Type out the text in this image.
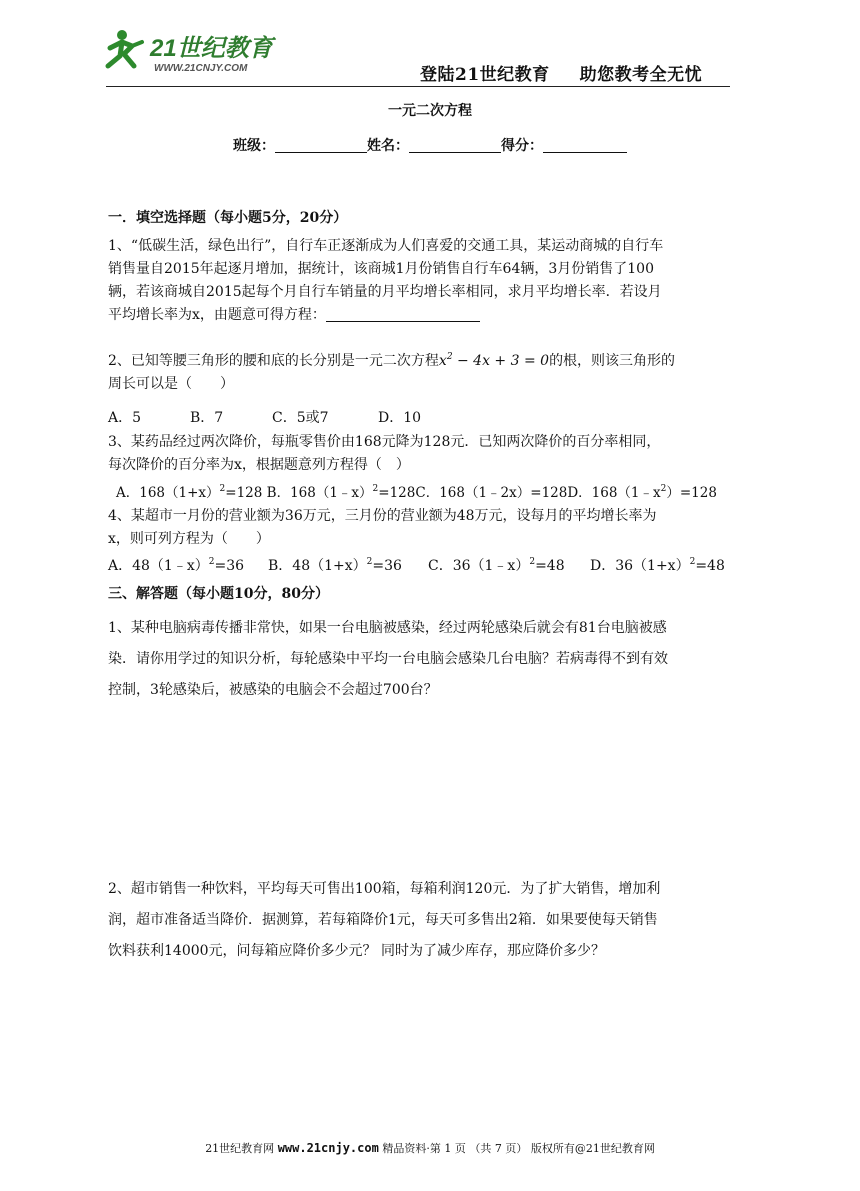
21世纪教育
WWW.21CNJY.COM	登陆21世纪教育 助您教考全无忧
一元二次方程
班级：	姓名：	得分：
一．填空选择题（每小题5分，20分）
1、“低碳生活，绿色出行”，自行车正逐渐成为人们喜爱的交通工具，某运动商城的自行车
销售量自2015年起逐月增加，据统计，该商城1月份销售自行车64辆，3月份销售了100
辆，若该商城自2015起每个月自行车销量的月平均增长率相同，求月平均增长率．若设月
平均增长率为x，由题意可得方程：
2、已知等腰三角形的腰和底的长分别是一元二次方程$x^2 - 4x + 3 = 0$的根，则该三角形的
周长可以是（　　）
A．5	B．7	C．5或7	D．10
3、某药品经过两次降价，每瓶零售价由168元降为128元．已知两次降价的百分率相同，
每次降价的百分率为x，根据题意列方程得（　）
A．$168(1+x)^2=128$ B．168（1﹣x）$^2$=128C．168（1﹣2x）=128D．$168(1﹣x^2)=128$
4、某超市一月份的营业额为36万元，三月份的营业额为48万元，设每月的平均增长率为
x，则可列方程为（　　）
A．48（1﹣x）$^2$=36 B．$48(1+x)^2=36$ C．36（1﹣x）$^2$=48 D．$36(1+x)^2=48$
三、解答题（每小题10分，80分）
1、某种电脑病毒传播非常快，如果一台电脑被感染，经过两轮感染后就会有81台电脑被感
染．请你用学过的知识分析，每轮感染中平均一台电脑会感染几台电脑？若病毒得不到有效
控制，3轮感染后，被感染的电脑会不会超过700台？
2、超市销售一种饮料，平均每天可售出100箱，每箱利润120元．为了扩大销售，增加利
润，超市准备适当降价．据测算，若每箱降价1元，每天可多售出2箱．如果要使每天销售
饮料获利14000元，问每箱应降价多少元？ 同时为了减少库存，那应降价多少？
21世纪教育网 www.21cnjy.com 精品资料·第 1 页 （共 7 页） 版权所有@21世纪教育网
